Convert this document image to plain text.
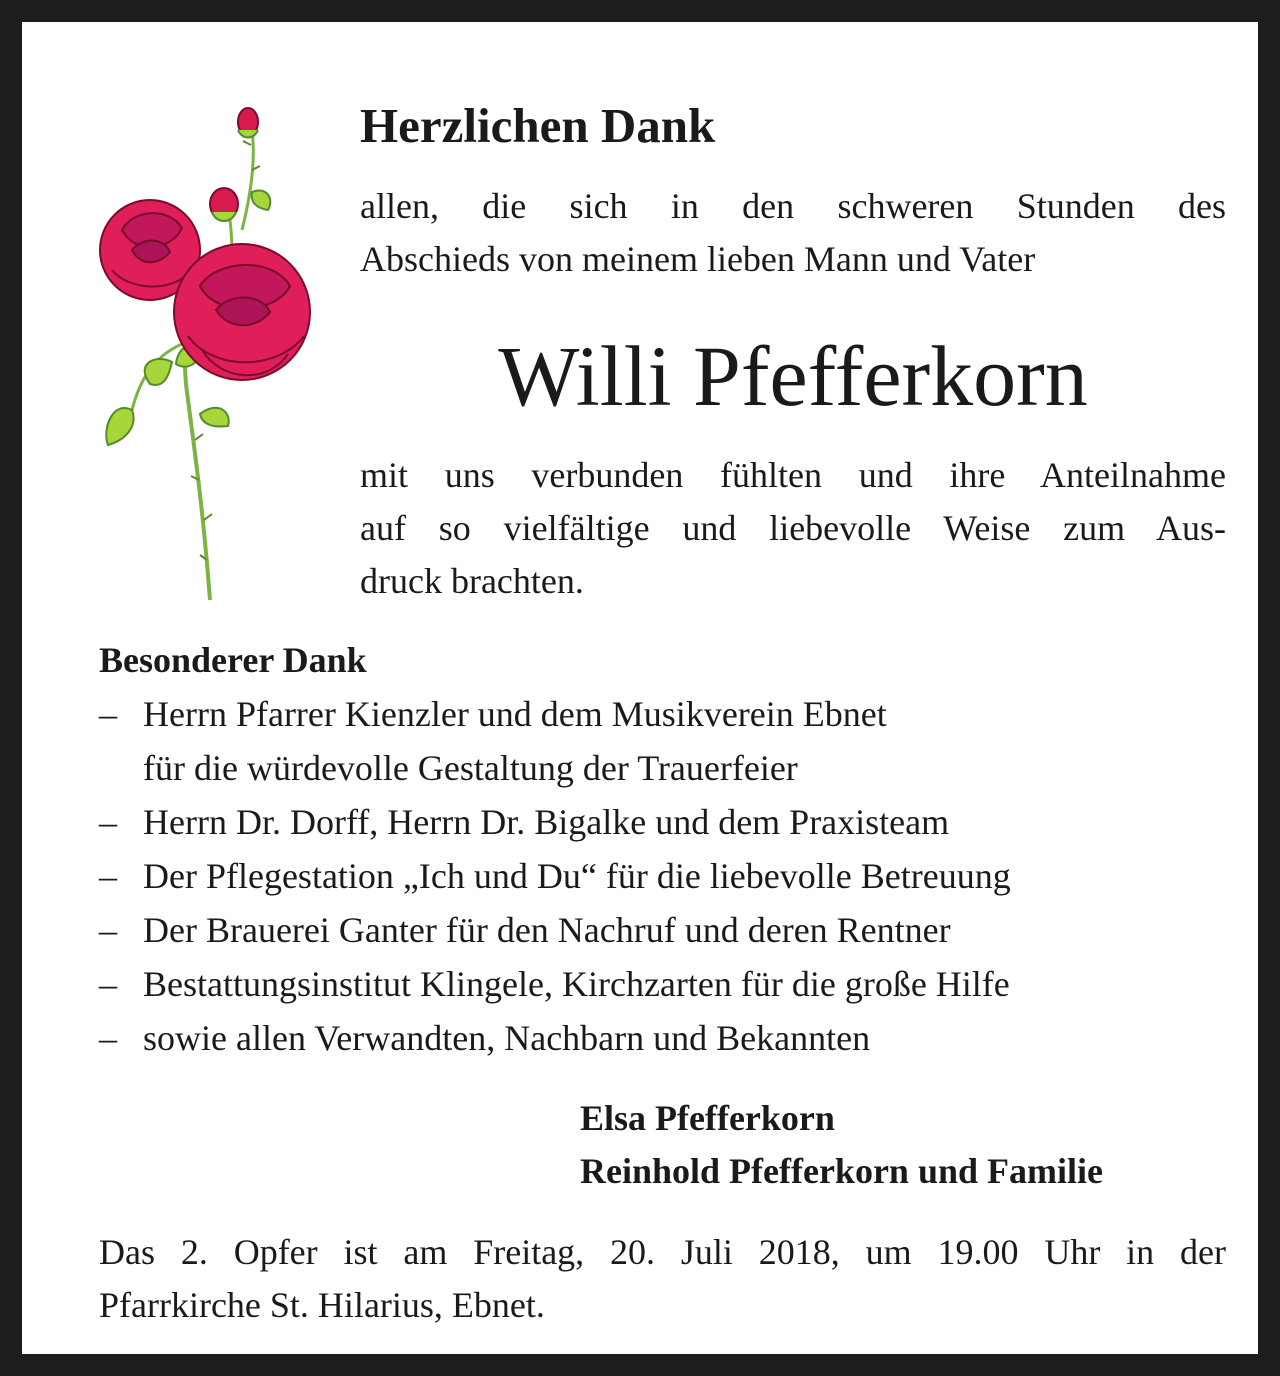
Herzlichen Dank
allen, die sich in den schweren Stunden des
Abschieds von meinem lieben Mann und Vater
Willi Pfefferkorn
mit uns verbunden fühlten und ihre Anteilnahme
auf so vielfältige und liebevolle Weise zum Aus-
druck brachten.
Besonderer Dank
– Herrn Pfarrer Kienzler und dem Musikverein Ebnet
für die würdevolle Gestaltung der Trauerfeier
– Herrn Dr. Dorff, Herrn Dr. Bigalke und dem Praxisteam
– Der Pflegestation „Ich und Du“ für die liebevolle Betreuung
– Der Brauerei Ganter für den Nachruf und deren Rentner
– Bestattungsinstitut Klingele, Kirchzarten für die große Hilfe
– sowie allen Verwandten, Nachbarn und Bekannten
Elsa Pfefferkorn
Reinhold Pfefferkorn und Familie
Das 2. Opfer ist am Freitag, 20. Juli 2018, um 19.00 Uhr in der
Pfarrkirche St. Hilarius, Ebnet.
